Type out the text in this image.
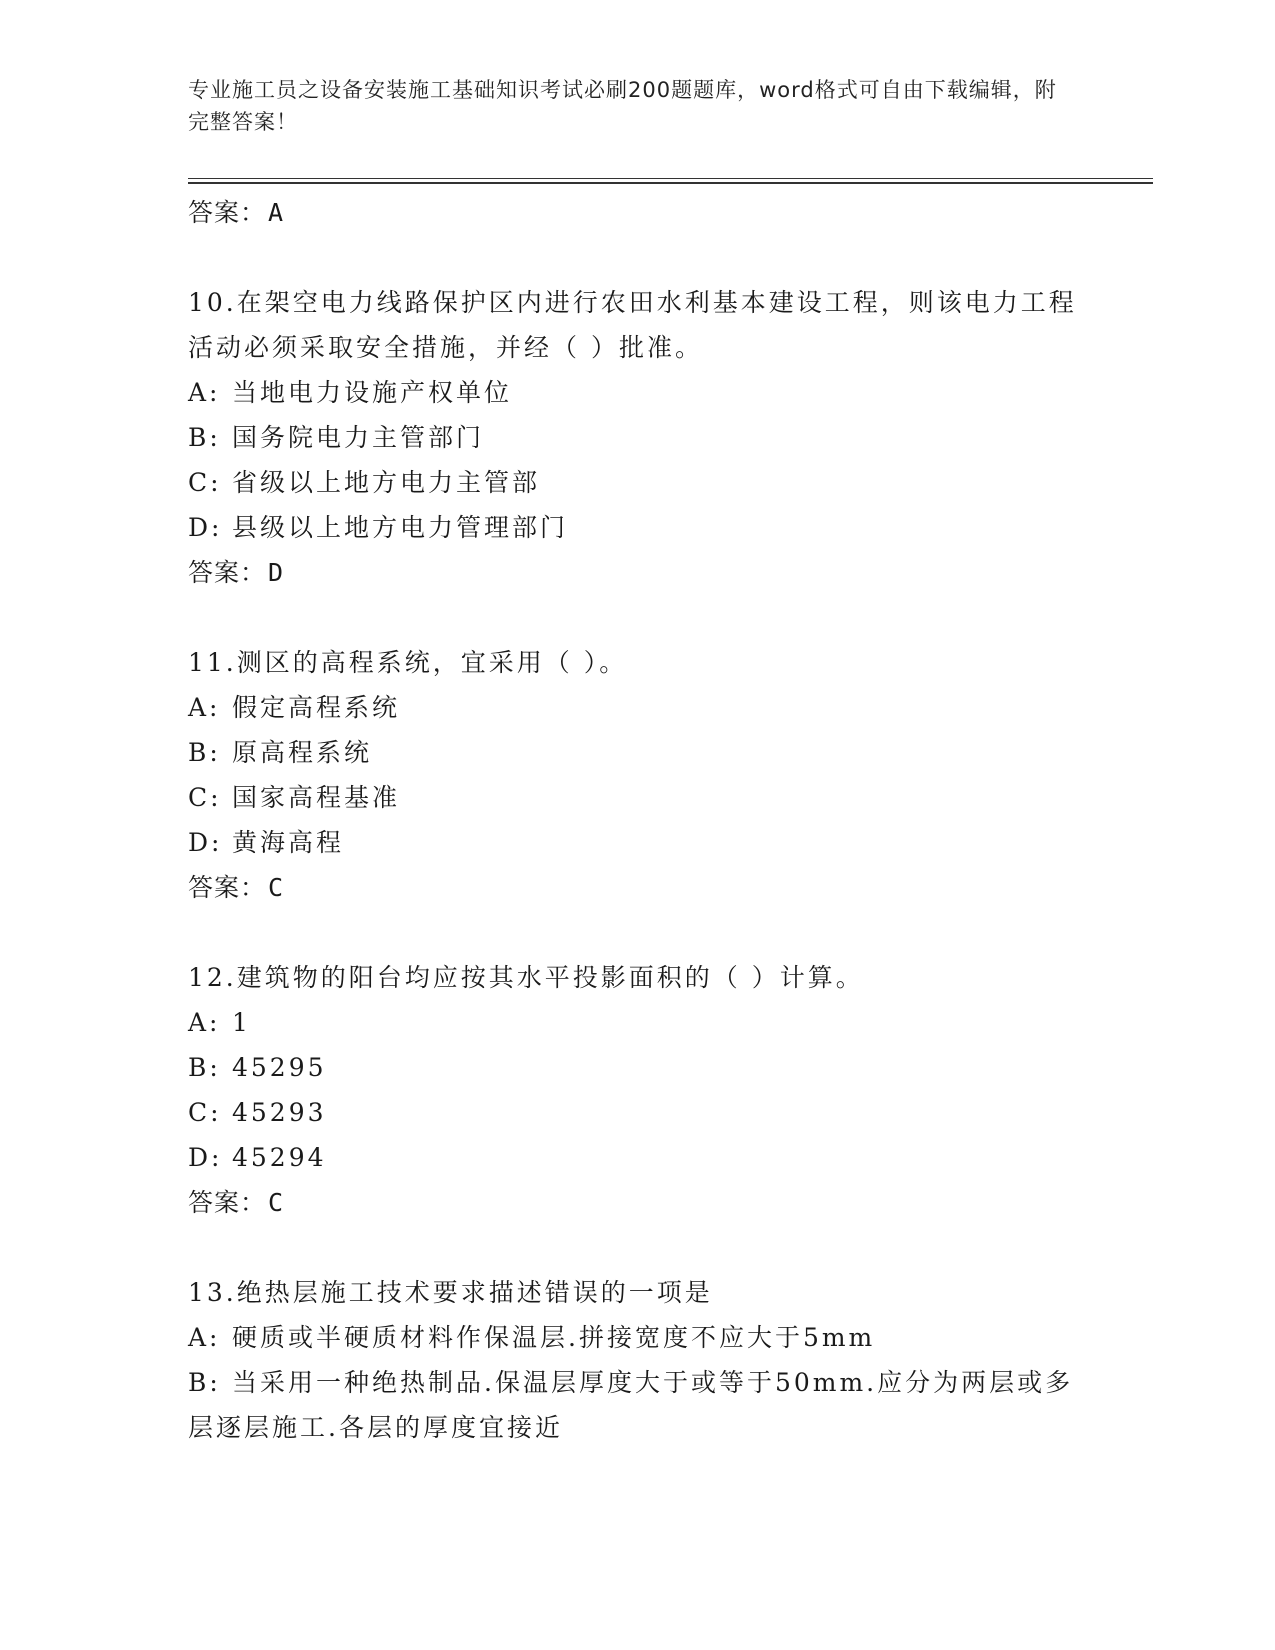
专业施工员之设备安装施工基础知识考试必刷200题题库，word格式可自由下载编辑，附完整答案！
答案：A
10.在架空电力线路保护区内进行农田水利基本建设工程，则该电力工程活动必须采取安全措施，并经（ ）批准。
A: 当地电力设施产权单位
B: 国务院电力主管部门
C: 省级以上地方电力主管部
D: 县级以上地方电力管理部门
答案：D
11.测区的高程系统，宜采用（ ）。
A: 假定高程系统
B: 原高程系统
C: 国家高程基准
D: 黄海高程
答案：C
12.建筑物的阳台均应按其水平投影面积的（ ）计算。
A: 1
B: 45295
C: 45293
D: 45294
答案：C
13.绝热层施工技术要求描述错误的一项是
A: 硬质或半硬质材料作保温层.拼接宽度不应大于5mm
B: 当采用一种绝热制品.保温层厚度大于或等于50mm.应分为两层或多层逐层施工.各层的厚度宜接近
